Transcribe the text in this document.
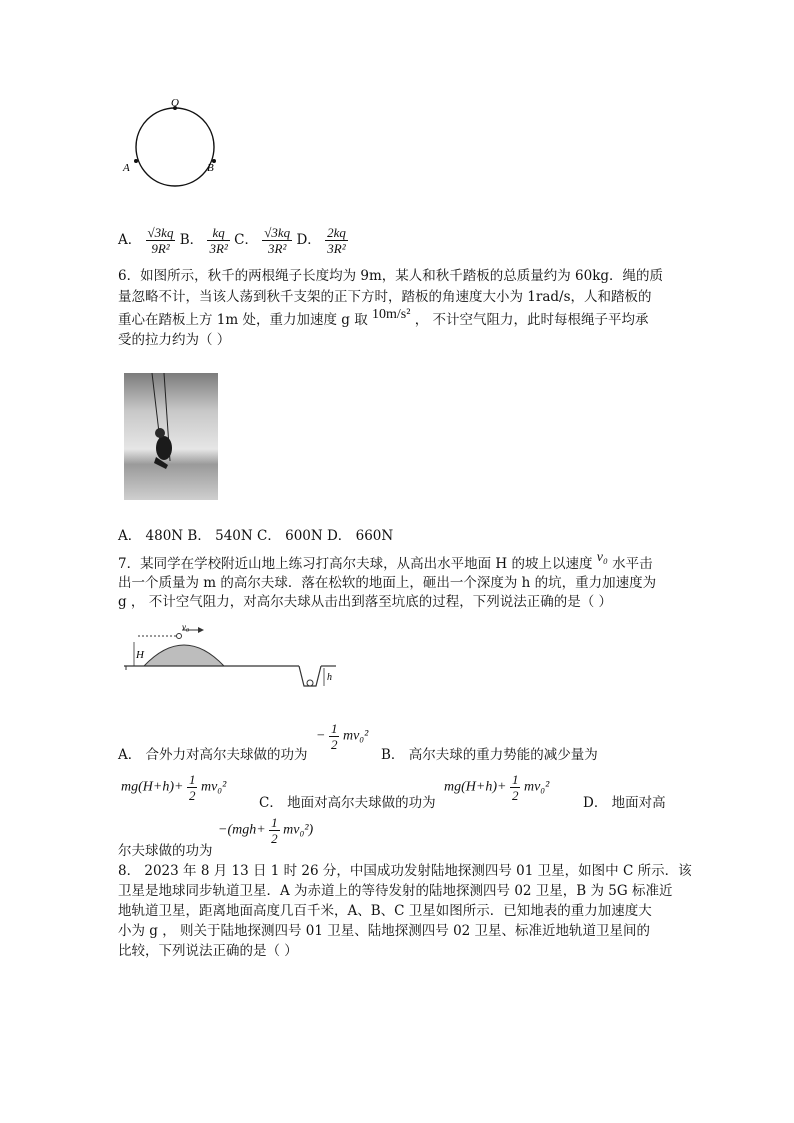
O
A	B
A． $\frac{√3kq}{\text{9R²}}$ B． $\frac{kq}{\text{3R²}}$ C． $\frac{√3kq}{\text{3R²}}$ D． $\frac{2kq}{\text{3R²}}$
6．如图所示，秋千的两根绳子长度均为 9m，某人和秋千踏板的总质量约为 60kg．绳的质
量忽略不计，当该人荡到秋千支架的正下方时，踏板的角速度大小为 1rad/s，人和踏板的
重心在踏板上方 1m 处，重力加速度 g 取 10m/s² ， 不计空气阻力，此时每根绳子平均承
受的拉力约为（ ）
A． 480N B． 540N C． 600N D． 660N
7．某同学在学校附近山地上练习打高尔夫球，从高出水平地面 H 的坡上以速度 v₀ 水平击
出一个质量为 m 的高尔夫球．落在松软的地面上，砸出一个深度为 h 的坑，重力加速度为
g ， 不计空气阻力，对高尔夫球从击出到落至坑底的过程，下列说法正确的是（ ）
H
v₀
h
A． 合外力对高尔夫球做的功为
− $\frac{1}{2} mv_0^2$
B． 高尔夫球的重力势能的减少量为
$mg(H+h)+ \frac{1}{2} mv_0^2$
C． 地面对高尔夫球做的功为
$mg(H+h)+ \frac{1}{2} mv_0^2$
D． 地面对高
$-(mgh+ \frac{1}{2} mv_0^2)$
尔夫球做的功为
8． 2023 年 8 月 13 日 1 时 26 分，中国成功发射陆地探测四号 01 卫星，如图中 C 所示．该
卫星是地球同步轨道卫星．A 为赤道上的等待发射的陆地探测四号 02 卫星，B 为 5G 标准近
地轨道卫星，距离地面高度几百千米，A、B、C 卫星如图所示．已知地表的重力加速度大
小为 g ， 则关于陆地探测四号 01 卫星、陆地探测四号 02 卫星、标准近地轨道卫星间的
比较，下列说法正确的是（ ）
